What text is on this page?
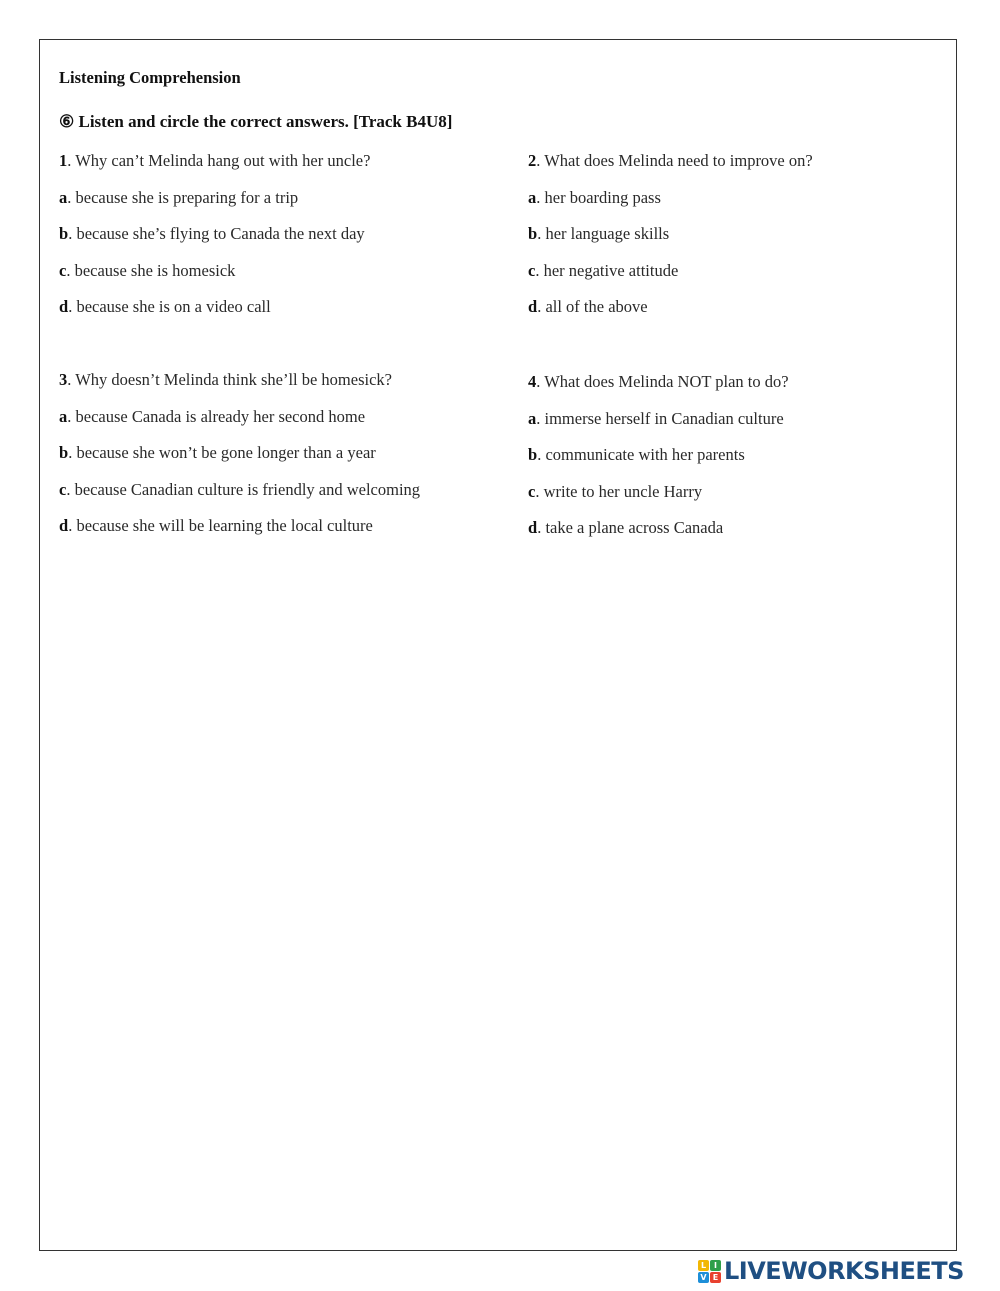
Listening Comprehension
⑥ Listen and circle the correct answers. [Track B4U8]
1. Why can’t Melinda hang out with her uncle?
a. because she is preparing for a trip
b. because she’s flying to Canada the next day
c. because she is homesick
d. because she is on a video call
2. What does Melinda need to improve on?
a. her boarding pass
b. her language skills
c. her negative attitude
d. all of the above
3. Why doesn’t Melinda think she’ll be homesick?
a. because Canada is already her second home
b. because she won’t be gone longer than a year
c. because Canadian culture is friendly and welcoming
d. because she will be learning the local culture
4. What does Melinda NOT plan to do?
a. immerse herself in Canadian culture
b. communicate with her parents
c. write to her uncle Harry
d. take a plane across Canada
L I
V E LIVEWORKSHEETS
